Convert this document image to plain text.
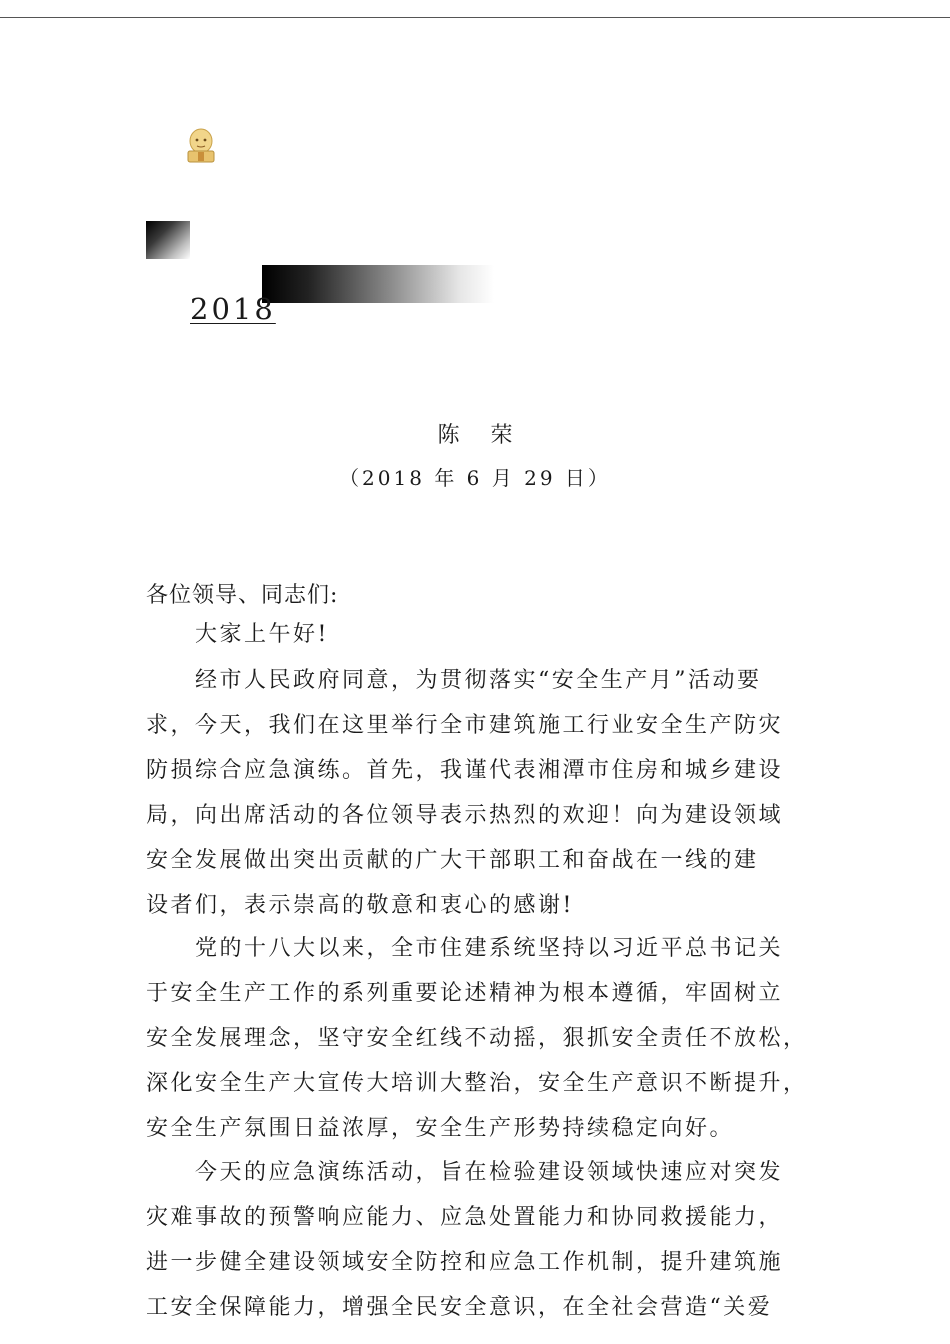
2018
陈 荣
（2018 年 6 月 29 日）
各位领导、同志们:
大家上午好!
经市人民政府同意，为贯彻落实“安全生产月”活动要
求，今天，我们在这里举行全市建筑施工行业安全生产防灾
防损综合应急演练。首先，我谨代表湘潭市住房和城乡建设
局，向出席活动的各位领导表示热烈的欢迎！向为建设领域
安全发展做出突出贡献的广大干部职工和奋战在一线的建
设者们，表示崇高的敬意和衷心的感谢!
党的十八大以来，全市住建系统坚持以习近平总书记关
于安全生产工作的系列重要论述精神为根本遵循，牢固树立
安全发展理念，坚守安全红线不动摇，狠抓安全责任不放松，
深化安全生产大宣传大培训大整治，安全生产意识不断提升，
安全生产氛围日益浓厚，安全生产形势持续稳定向好。
今天的应急演练活动，旨在检验建设领域快速应对突发
灾难事故的预警响应能力、应急处置能力和协同救援能力，
进一步健全建设领域安全防控和应急工作机制，提升建筑施
工安全保障能力，增强全民安全意识，在全社会营造“关爱
